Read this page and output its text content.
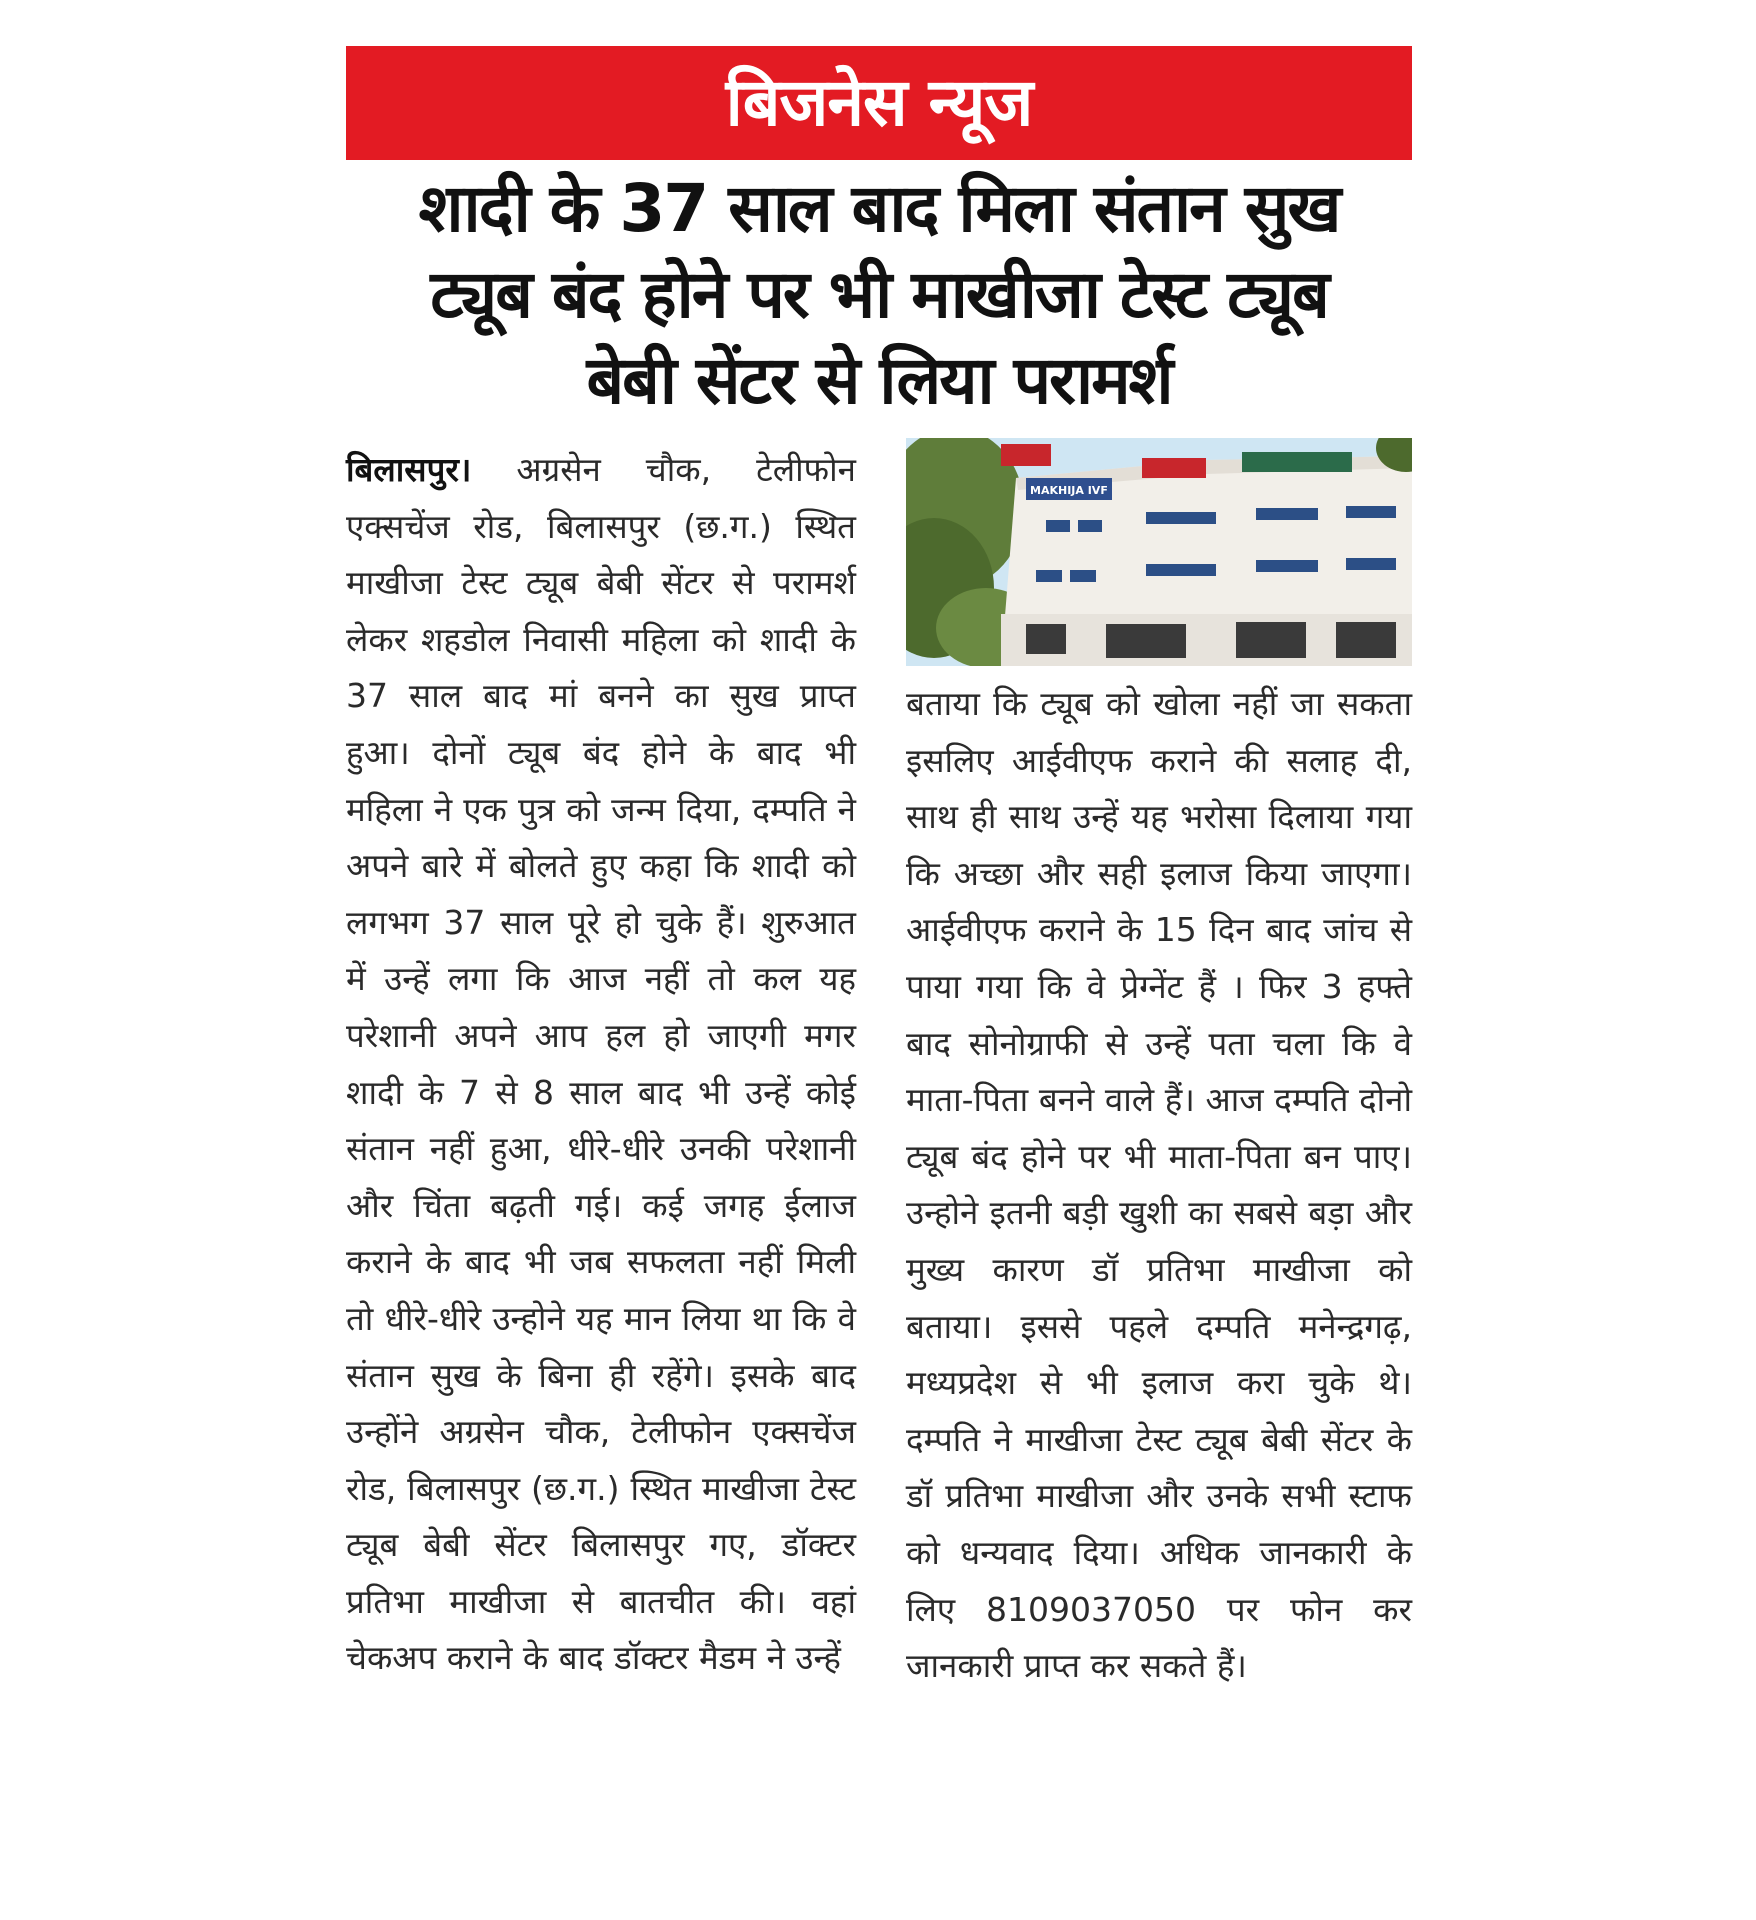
बिजनेस न्यूज
शादी के 37 साल बाद मिला संतान सुख
ट्यूब बंद होने पर भी माखीजा टेस्ट ट्यूब
बेबी सेंटर से लिया परामर्श
बिलासपुर। अग्रसेन चौक, टेलीफोन एक्सचेंज रोड, बिलासपुर (छ.ग.) स्थित माखीजा टेस्ट ट्यूब बेबी सेंटर से परामर्श लेकर शहडोल निवासी महिला को शादी के 37 साल बाद मां बनने का सुख प्राप्त हुआ। दोनों ट्यूब बंद होने के बाद भी महिला ने एक पुत्र को जन्म दिया, दम्पति ने अपने बारे में बोलते हुए कहा कि शादी को लगभग 37 साल पूरे हो चुके हैं। शुरुआत में उन्हें लगा कि आज नहीं तो कल यह परेशानी अपने आप हल हो जाएगी मगर शादी के 7 से 8 साल बाद भी उन्हें कोई संतान नहीं हुआ, धीरे-धीरे उनकी परेशानी और चिंता बढ़ती गई। कई जगह ईलाज कराने के बाद भी जब सफलता नहीं मिली तो धीरे-धीरे उन्होने यह मान लिया था कि वे संतान सुख के बिना ही रहेंगे। इसके बाद उन्होंने अग्रसेन चौक, टेलीफोन एक्सचेंज रोड, बिलासपुर (छ.ग.) स्थित माखीजा टेस्ट ट्यूब बेबी सेंटर बिलासपुर गए, डॉक्टर प्रतिभा माखीजा से बातचीत की। वहां चेकअप कराने के बाद डॉक्टर मैडम ने उन्हें
MAKHIJA IVF
बताया कि ट्यूब को खोला नहीं जा सकता इसलिए आईवीएफ कराने की सलाह दी, साथ ही साथ उन्हें यह भरोसा दिलाया गया कि अच्छा और सही इलाज किया जाएगा। आईवीएफ कराने के 15 दिन बाद जांच से पाया गया कि वे प्रेग्नेंट हैं । फिर 3 हफ्ते बाद सोनोग्राफी से उन्हें पता चला कि वे माता-पिता बनने वाले हैं। आज दम्पति दोनो ट्यूब बंद होने पर भी माता-पिता बन पाए। उन्होने इतनी बड़ी खुशी का सबसे बड़ा और मुख्य कारण डॉ प्रतिभा माखीजा को बताया। इससे पहले दम्पति मनेन्द्रगढ़, मध्यप्रदेश से भी इलाज करा चुके थे। दम्पति ने माखीजा टेस्ट ट्यूब बेबी सेंटर के डॉ प्रतिभा माखीजा और उनके सभी स्टाफ को धन्यवाद दिया। अधिक जानकारी के लिए 8109037050 पर फोन कर जानकारी प्राप्त कर सकते हैं।
